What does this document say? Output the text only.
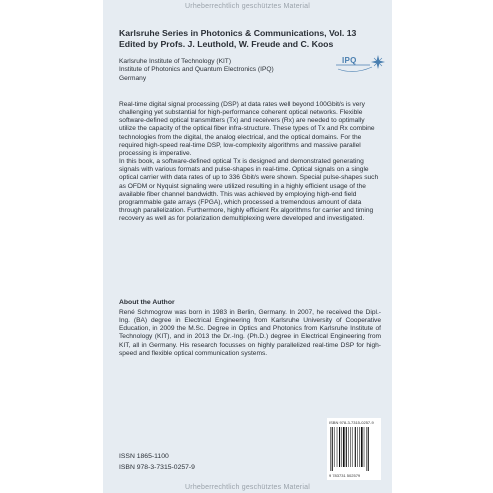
Urheberrechtlich geschütztes Material
Karlsruhe Series in Photonics & Communications, Vol. 13
Edited by Profs. J. Leuthold, W. Freude and C. Koos
Karlsruhe Institute of Technology (KIT)
Institute of Photonics and Quantum Electronics (IPQ)
Germany
IPQ

Real-time digital signal processing (DSP) at data rates well beyond 100Gbit/s is very challenging yet substantial for high-performance coherent optical networks. Flexible software-defined optical transmitters (Tx) and receivers (Rx) are needed to optimally utilize the capacity of the optical fiber infra-structure. These types of Tx and Rx combine technologies from the digital, the analog electrical, and the optical domains. For the required high-speed real-time DSP, low-complexity algorithms and massive parallel processing is imperative.

In this book, a software-defined optical Tx is designed and demonstrated generating signals with various formats and pulse-shapes in real-time. Optical signals on a single optical carrier with data rates of up to 336 Gbit/s were shown. Special pulse-shapes such as OFDM or Nyquist signaling were utilized resulting in a highly efficient usage of the available fiber channel bandwidth. This was achieved by employing high-end field programmable gate arrays (FPGA), which processed a tremendous amount of data through parallelization. Furthermore, highly efficient Rx algorithms for carrier and timing recovery as well as for polarization demultiplexing were developed and investigated.

About the Author
René Schmogrow was born in 1983 in Berlin, Germany. In 2007, he received the Dipl.-Ing. (BA) degree in Electrical Engineering from Karlsruhe University of Cooperative Education, in 2009 the M.Sc. Degree in Optics and Photonics from Karlsruhe Institute of Technology (KIT), and in 2013 the Dr.-Ing. (Ph.D.) degree in Electrical Engineering from KIT, all in Germany. His research focusses on highly parallelized real-time DSP for high-speed and flexible optical communication systems.
ISSN 1865-1100
ISBN 978-3-7315-0257-9
ISBN 978-3-7315-0257-9
9 783731 502579
Urheberrechtlich geschütztes Material
